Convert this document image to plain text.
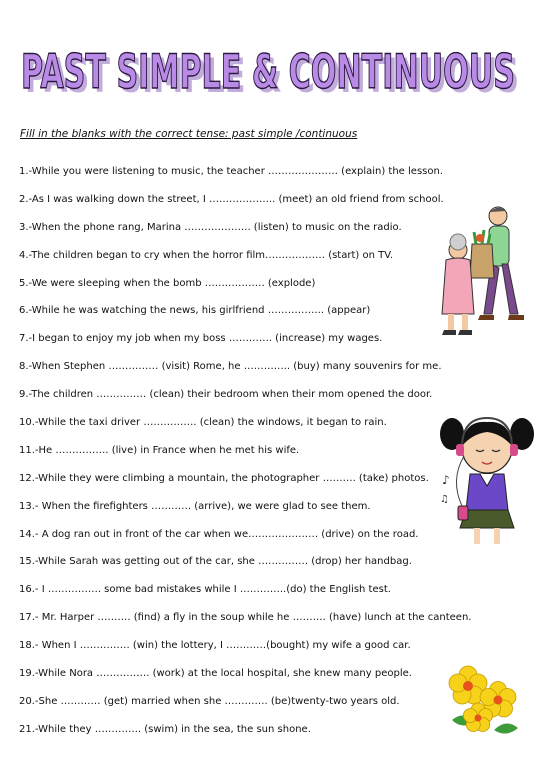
PAST SIMPLE & CONTINUOUS
PAST SIMPLE & CONTINUOUS
Fill in the blanks with the correct tense: past simple /continuous
1.-While you were listening to music, the teacher ………………… (explain) the lesson.
2.-As I was walking down the street, I ……………….. (meet) an old friend from school.
3.-When the phone rang, Marina ……………….. (listen) to music on the radio.
4.-The children began to cry when the horror film……………… (start) on TV.
5.-We were sleeping when the bomb ……………… (explode)
6.-While he was watching the news, his girlfriend …………….. (appear)
7.-I began to enjoy my job when my boss …………. (increase) my wages.
8.-When Stephen …………… (visit) Rome, he ………….. (buy) many souvenirs for me.
9.-The children …………… (clean) their bedroom when their mom opened the door.
10.-While the taxi driver ……………. (clean) the windows, it began to rain.
11.-He ……………. (live) in France when he met his wife.
12.-While they were climbing a mountain, the photographer ………. (take) photos.
13.- When the firefighters ………… (arrive), we were glad to see them.
14.- A dog ran out in front of the car when we………………… (drive) on the road.
15.-While Sarah was getting out of the car, she …………… (drop) her handbag.
16.- I ……………. some bad mistakes while I …………..(do) the English test.
17.- Mr. Harper ………. (find) a fly in the soup while he ………. (have) lunch at the canteen.
18.- When I …………… (win) the lottery, I …………(bought) my wife a good car.
19.-While Nora ……………. (work) at the local hospital, she knew many people.
20.-She ………… (get) married when she …………. (be)twenty-two years old.
21.-While they ………….. (swim) in the sea, the sun shone.
♪
♫
